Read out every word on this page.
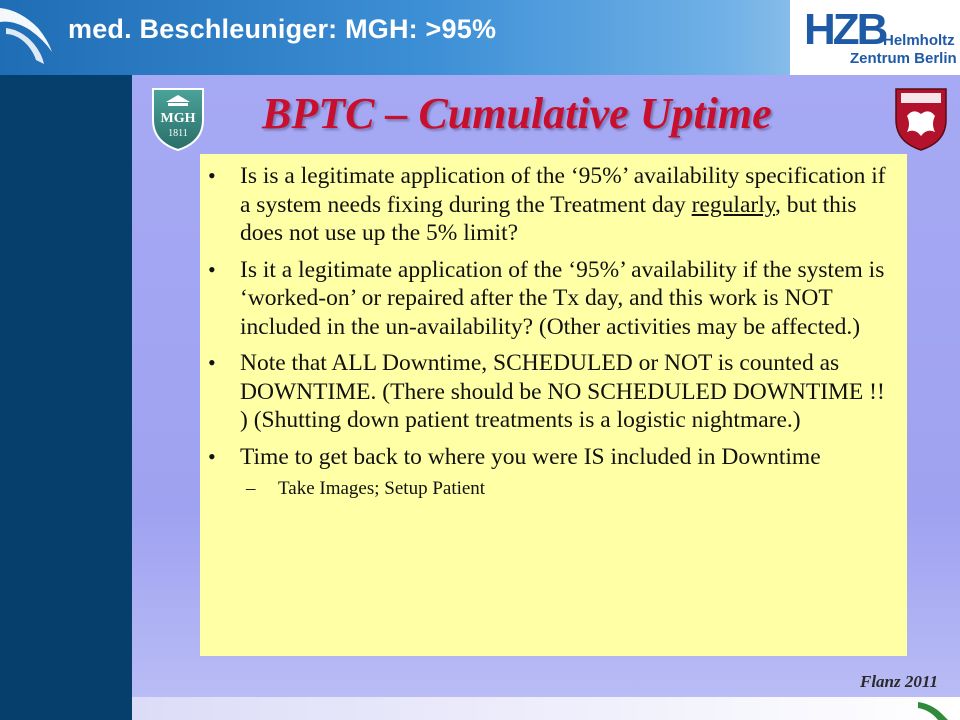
med. Beschleuniger: MGH: >95%	HZB
Helmholtz
Zentrum Berlin
MGH
1811 BPTC – Cumulative Uptime
• Is is a legitimate application of the ‘95%’ availability specification if a system needs fixing during the Treatment day regularly, but this does not use up the 5% limit?
• Is it a legitimate application of the ‘95%’ availability if the system is ‘worked-on’ or repaired after the Tx day, and this work is NOT included in the un-availability? (Other activities may be affected.)
• Note that ALL Downtime, SCHEDULED or NOT is counted as DOWNTIME. (There should be NO SCHEDULED DOWNTIME !! ) (Shutting down patient treatments is a logistic nightmare.)
• Time to get back to where you were IS included in Downtime
– Take Images; Setup Patient
Flanz 2011
